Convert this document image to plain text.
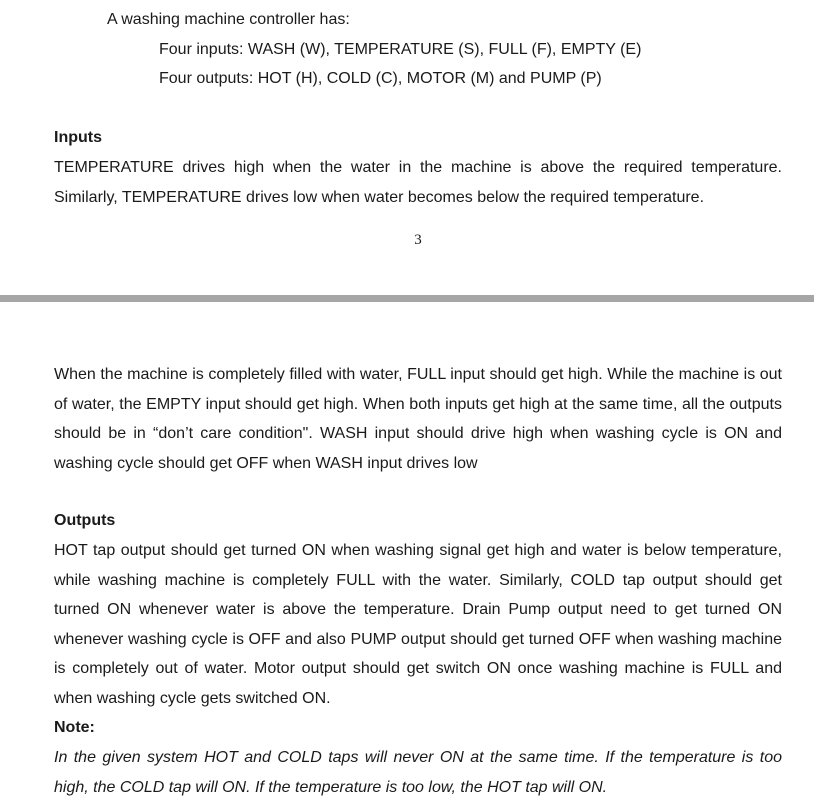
A washing machine controller has:
Four inputs: WASH (W), TEMPERATURE (S), FULL (F), EMPTY (E)
Four outputs: HOT (H), COLD (C), MOTOR (M) and PUMP (P)
Inputs
TEMPERATURE drives high when the water in the machine is above the required temperature. Similarly, TEMPERATURE drives low when water becomes below the required temperature.
3
When the machine is completely filled with water, FULL input should get high. While the machine is out of water, the EMPTY input should get high. When both inputs get high at the same time, all the outputs should be in “don’t care condition". WASH input should drive high when washing cycle is ON and washing cycle should get OFF when WASH input drives low
Outputs
HOT tap output should get turned ON when washing signal get high and water is below temperature, while washing machine is completely FULL with the water. Similarly, COLD tap output should get turned ON whenever water is above the temperature. Drain Pump output need to get turned ON whenever washing cycle is OFF and also PUMP output should get turned OFF when washing machine is completely out of water. Motor output should get switch ON once washing machine is FULL and when washing cycle gets switched ON.
Note:
In the given system HOT and COLD taps will never ON at the same time. If the temperature is too high, the COLD tap will ON. If the temperature is too low, the HOT tap will ON.
